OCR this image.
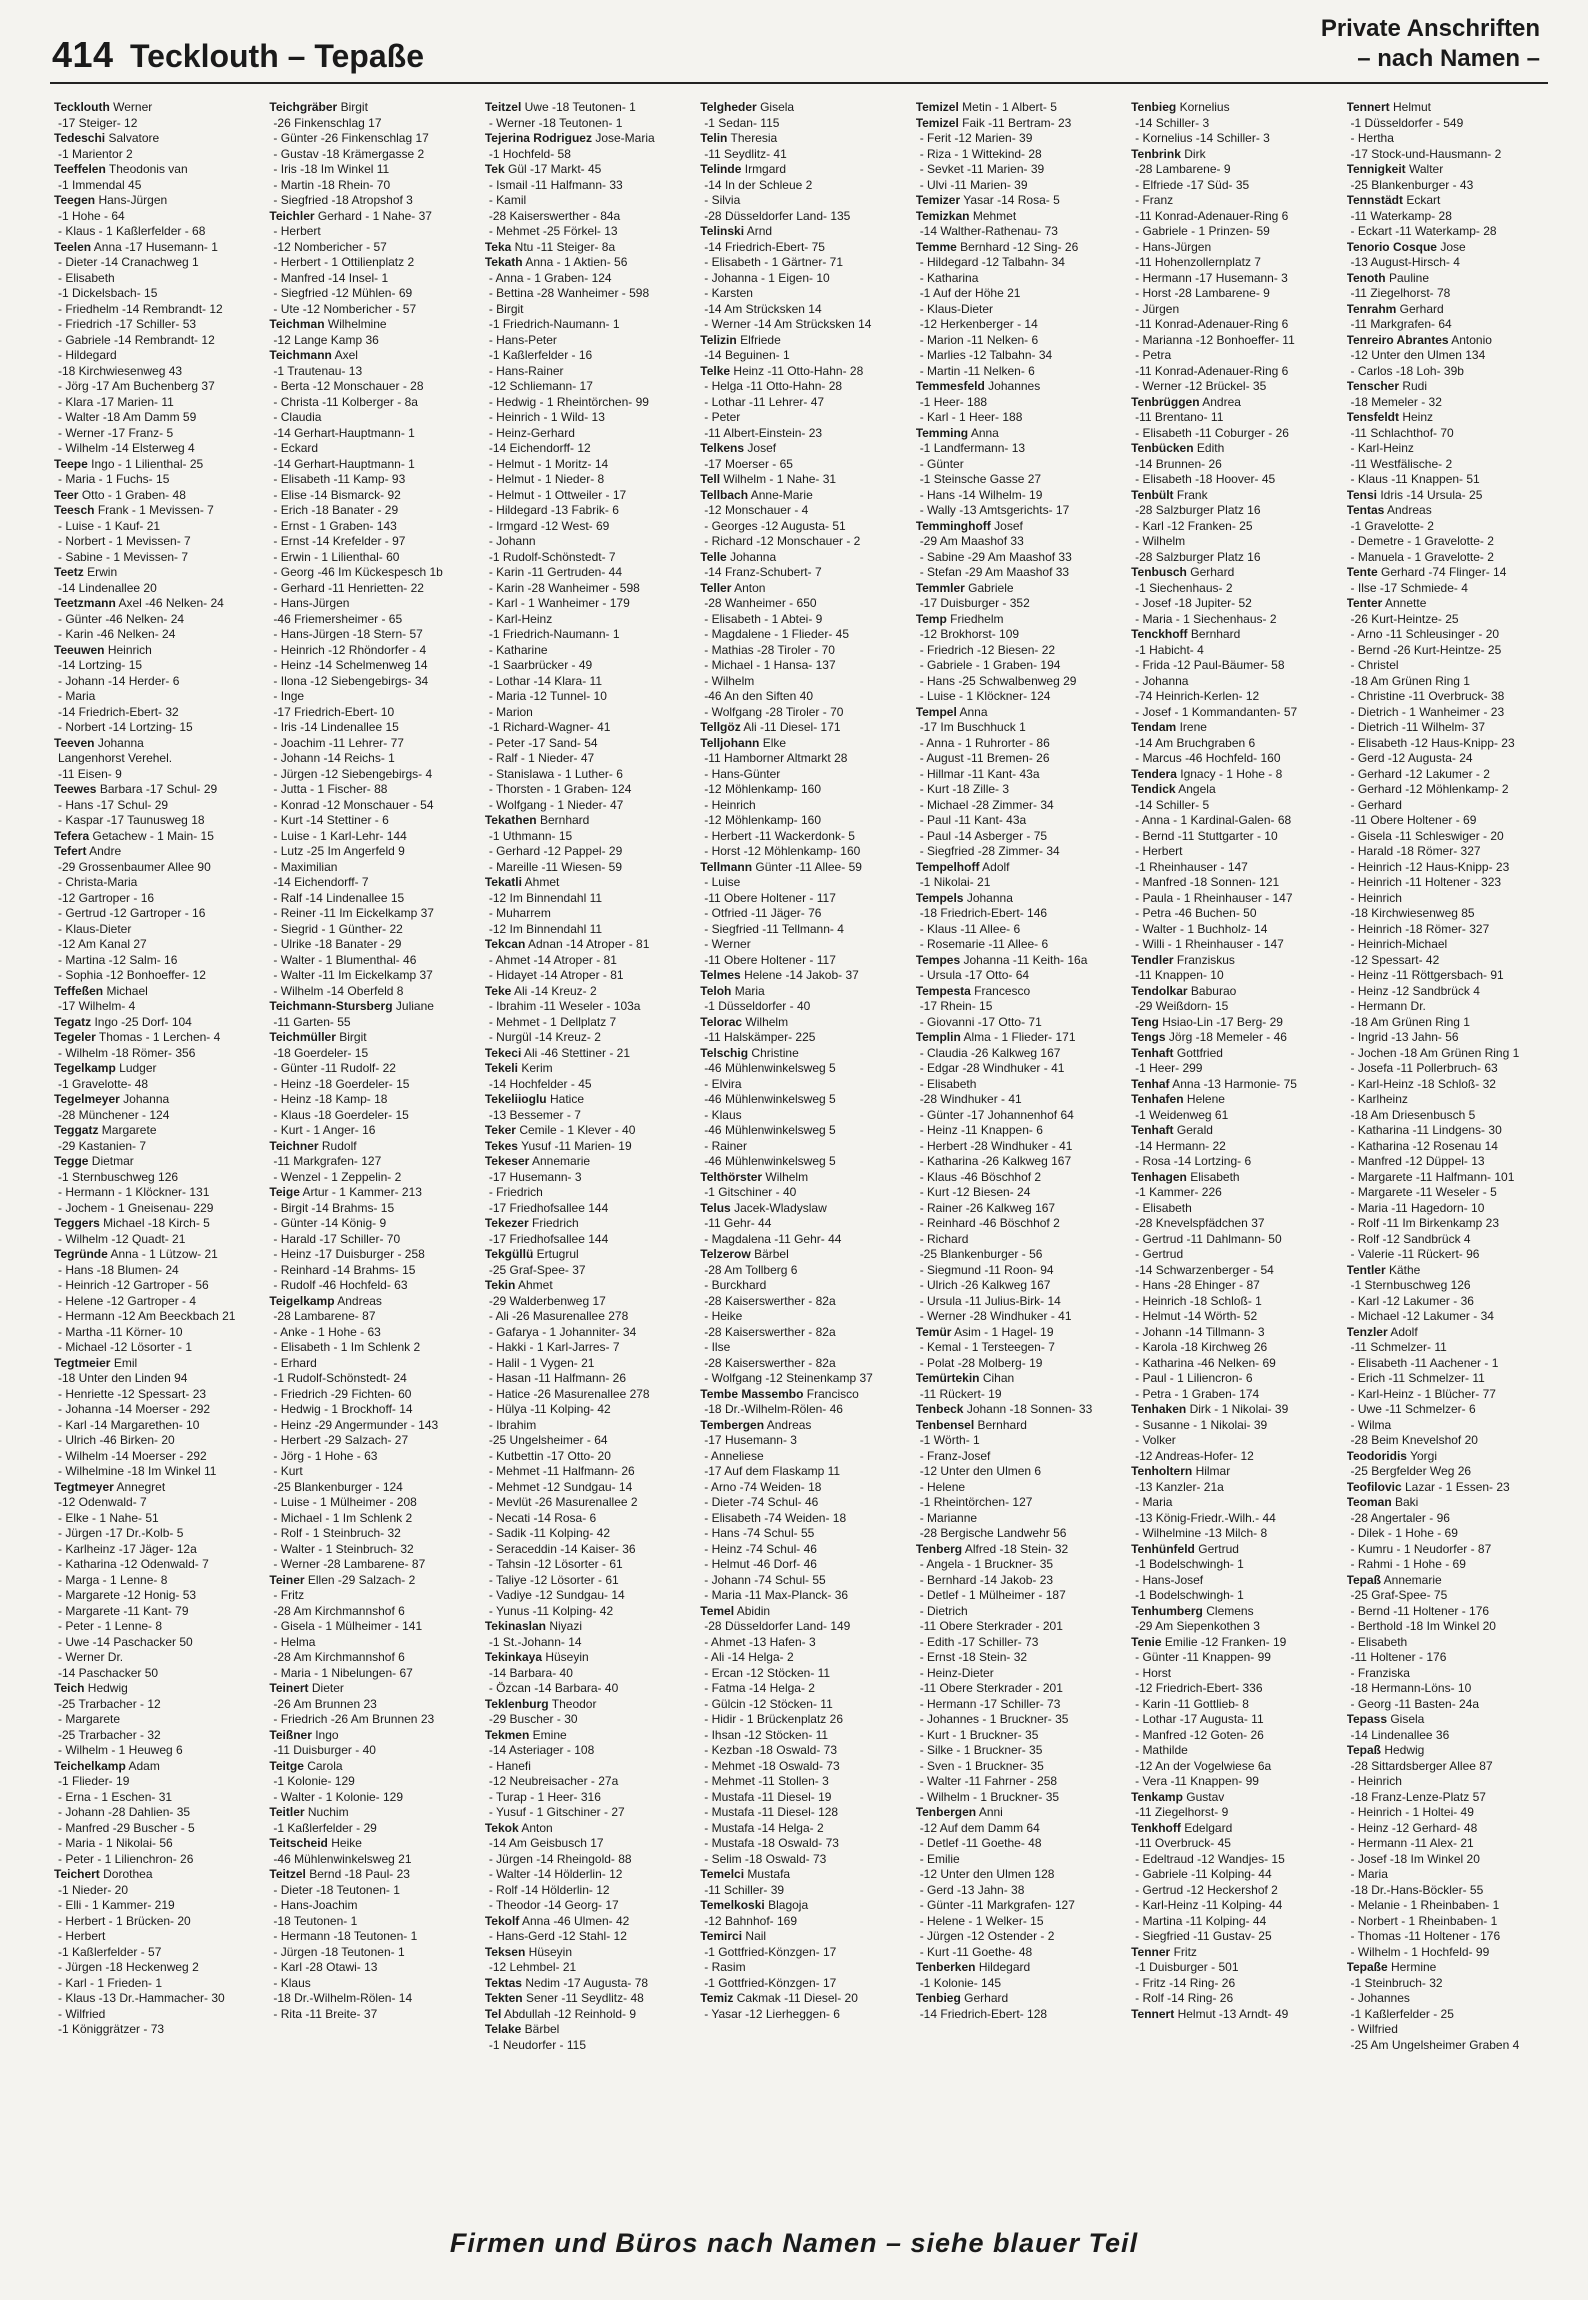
414 Tecklouth – Tepaße
Private Anschriften
– nach Namen –
Tecklouth Werner
-17 Steiger- 12
Tedeschi Salvatore
-1 Marientor 2
Teeffelen Theodonis van
-1 Immendal 45
Teegen Hans-Jürgen
-1 Hohe - 64
- Klaus - 1 Kaßlerfelder - 68
Teelen Anna -17 Husemann- 1
- Dieter -14 Cranachweg 1
- Elisabeth
-1 Dickelsbach- 15
- Friedhelm -14 Rembrandt- 12
- Friedrich -17 Schiller- 53
- Gabriele -14 Rembrandt- 12
- Hildegard
-18 Kirchwiesenweg 43
- Jörg -17 Am Buchenberg 37
- Klara -17 Marien- 11
- Walter -18 Am Damm 59
- Werner -17 Franz- 5
- Wilhelm -14 Elsterweg 4
Teepe Ingo - 1 Lilienthal- 25
- Maria - 1 Fuchs- 15
Teer Otto - 1 Graben- 48
Teesch Frank - 1 Mevissen- 7
- Luise - 1 Kauf- 21
- Norbert - 1 Mevissen- 7
- Sabine - 1 Mevissen- 7
Teetz Erwin
-14 Lindenallee 20
Teetzmann Axel -46 Nelken- 24
- Günter -46 Nelken- 24
- Karin -46 Nelken- 24
Teeuwen Heinrich
-14 Lortzing- 15
- Johann -14 Herder- 6
- Maria
-14 Friedrich-Ebert- 32
- Norbert -14 Lortzing- 15
Teeven Johanna
Langenhorst Verehel.
-11 Eisen- 9
Teewes Barbara -17 Schul- 29
- Hans -17 Schul- 29
- Kaspar -17 Taunusweg 18
Tefera Getachew - 1 Main- 15
Tefert Andre
-29 Grossenbaumer Allee 90
- Christa-Maria
-12 Gartroper - 16
- Gertrud -12 Gartroper - 16
- Klaus-Dieter
-12 Am Kanal 27
- Martina -12 Salm- 16
- Sophia -12 Bonhoeffer- 12
Teffeßen Michael
-17 Wilhelm- 4
Tegatz Ingo -25 Dorf- 104
Tegeler Thomas - 1 Lerchen- 4
- Wilhelm -18 Römer- 356
Tegelkamp Ludger
-1 Gravelotte- 48
Tegelmeyer Johanna
-28 Münchener - 124
Teggatz Margarete
-29 Kastanien- 7
Tegge Dietmar
-1 Sternbuschweg 126
- Hermann - 1 Klöckner- 131
- Jochem - 1 Gneisenau- 229
Teggers Michael -18 Kirch- 5
- Wilhelm -12 Quadt- 21
Tegründe Anna - 1 Lützow- 21
- Hans -18 Blumen- 24
- Heinrich -12 Gartroper - 56
- Helene -12 Gartroper - 4
- Hermann -12 Am Beeckbach 21
- Martha -11 Körner- 10
- Michael -12 Lösorter - 1
Tegtmeier Emil
-18 Unter den Linden 94
- Henriette -12 Spessart- 23
- Johanna -14 Moerser - 292
- Karl -14 Margarethen- 10
- Ulrich -46 Birken- 20
- Wilhelm -14 Moerser - 292
- Wilhelmine -18 Im Winkel 11
Tegtmeyer Annegret
-12 Odenwald- 7
- Elke - 1 Nahe- 51
- Jürgen -17 Dr.-Kolb- 5
- Karlheinz -17 Jäger- 12a
- Katharina -12 Odenwald- 7
- Marga - 1 Lenne- 8
- Margarete -12 Honig- 53
- Margarete -11 Kant- 79
- Peter - 1 Lenne- 8
- Uwe -14 Paschacker 50
- Werner Dr.
-14 Paschacker 50
Teich Hedwig
-25 Trarbacher - 12
- Margarete
-25 Trarbacher - 32
- Wilhelm - 1 Heuweg 6
Teichelkamp Adam
-1 Flieder- 19
- Erna - 1 Eschen- 31
- Johann -28 Dahlien- 35
- Manfred -29 Buscher - 5
- Maria - 1 Nikolai- 56
- Peter - 1 Lilienchron- 26
Teichert Dorothea
-1 Nieder- 20
- Elli - 1 Kammer- 219
- Herbert - 1 Brücken- 20
- Herbert
-1 Kaßlerfelder - 57
- Jürgen -18 Heckenweg 2
- Karl - 1 Frieden- 1
- Klaus -13 Dr.-Hammacher- 30
- Wilfried
-1 Königgrätzer - 73
Teichgräber Birgit
-26 Finkenschlag 17
- Günter -26 Finkenschlag 17
- Gustav -18 Krämergasse 2
- Iris -18 Im Winkel 11
- Martin -18 Rhein- 70
- Siegfried -18 Atropshof 3
Teichler Gerhard - 1 Nahe- 37
- Herbert
-12 Nombericher - 57
- Herbert - 1 Ottilienplatz 2
- Manfred -14 Insel- 1
- Siegfried -12 Mühlen- 69
- Ute -12 Nombericher - 57
Teichman Wilhelmine
-12 Lange Kamp 36
Teichmann Axel
-1 Trautenau- 13
- Berta -12 Monschauer - 28
- Christa -11 Kolberger - 8a
- Claudia
-14 Gerhart-Hauptmann- 1
- Eckard
-14 Gerhart-Hauptmann- 1
- Elisabeth -11 Kamp- 93
- Elise -14 Bismarck- 92
- Erich -18 Banater - 29
- Ernst - 1 Graben- 143
- Ernst -14 Krefelder - 97
- Erwin - 1 Lilienthal- 60
- Georg -46 Im Kückespesch 1b
- Gerhard -11 Henrietten- 22
- Hans-Jürgen
-46 Friemersheimer - 65
- Hans-Jürgen -18 Stern- 57
- Heinrich -12 Rhöndorfer - 4
- Heinz -14 Schelmenweg 14
- Ilona -12 Siebengebirgs- 34
- Inge
-17 Friedrich-Ebert- 10
- Iris -14 Lindenallee 15
- Joachim -11 Lehrer- 77
- Johann -14 Reichs- 1
- Jürgen -12 Siebengebirgs- 4
- Jutta - 1 Fischer- 88
- Konrad -12 Monschauer - 54
- Kurt -14 Stettiner - 6
- Luise - 1 Karl-Lehr- 144
- Lutz -25 Im Angerfeld 9
- Maximilian
-14 Eichendorff- 7
- Ralf -14 Lindenallee 15
- Reiner -11 Im Eickelkamp 37
- Siegrid - 1 Günther- 22
- Ulrike -18 Banater - 29
- Walter - 1 Blumenthal- 46
- Walter -11 Im Eickelkamp 37
- Wilhelm -14 Oberfeld 8
Teichmann-Stursberg Juliane
-11 Garten- 55
Teichmüller Birgit
-18 Goerdeler- 15
- Günter -11 Rudolf- 22
- Heinz -18 Goerdeler- 15
- Heinz -18 Kamp- 18
- Klaus -18 Goerdeler- 15
- Kurt - 1 Anger- 16
Teichner Rudolf
-11 Markgrafen- 127
- Wenzel - 1 Zeppelin- 2
Teige Artur - 1 Kammer- 213
- Birgit -14 Brahms- 15
- Günter -14 König- 9
- Harald -17 Schiller- 70
- Heinz -17 Duisburger - 258
- Reinhard -14 Brahms- 15
- Rudolf -46 Hochfeld- 63
Teigelkamp Andreas
-28 Lambarene- 87
- Anke - 1 Hohe - 63
- Elisabeth - 1 Im Schlenk 2
- Erhard
-1 Rudolf-Schönstedt- 24
- Friedrich -29 Fichten- 60
- Hedwig - 1 Brockhoff- 14
- Heinz -29 Angermunder - 143
- Herbert -29 Salzach- 27
- Jörg - 1 Hohe - 63
- Kurt
-25 Blankenburger - 124
- Luise - 1 Mülheimer - 208
- Michael - 1 Im Schlenk 2
- Rolf - 1 Steinbruch- 32
- Walter - 1 Steinbruch- 32
- Werner -28 Lambarene- 87
Teiner Ellen -29 Salzach- 2
- Fritz
-28 Am Kirchmannshof 6
- Gisela - 1 Mülheimer - 141
- Helma
-28 Am Kirchmannshof 6
- Maria - 1 Nibelungen- 67
Teinert Dieter
-26 Am Brunnen 23
- Friedrich -26 Am Brunnen 23
Teißner Ingo
-11 Duisburger - 40
Teitge Carola
-1 Kolonie- 129
- Walter - 1 Kolonie- 129
Teitler Nuchim
-1 Kaßlerfelder - 29
Teitscheid Heike
-46 Mühlenwinkelsweg 21
Teitzel Bernd -18 Paul- 23
- Dieter -18 Teutonen- 1
- Hans-Joachim
-18 Teutonen- 1
- Hermann -18 Teutonen- 1
- Jürgen -18 Teutonen- 1
- Karl -28 Otawi- 13
- Klaus
-18 Dr.-Wilhelm-Rölen- 14
- Rita -11 Breite- 37
Teitzel Uwe -18 Teutonen- 1
- Werner -18 Teutonen- 1
Tejerina Rodriguez Jose-Maria
-1 Hochfeld- 58
Tek Gül -17 Markt- 45
- Ismail -11 Halfmann- 33
- Kamil
-28 Kaiserswerther - 84a
- Mehmet -25 Förkel- 13
Teka Ntu -11 Steiger- 8a
Tekath Anna - 1 Aktien- 56
- Anna - 1 Graben- 124
- Bettina -28 Wanheimer - 598
- Birgit
-1 Friedrich-Naumann- 1
- Hans-Peter
-1 Kaßlerfelder - 16
- Hans-Rainer
-12 Schliemann- 17
- Hedwig - 1 Rheintörchen- 99
- Heinrich - 1 Wild- 13
- Heinz-Gerhard
-14 Eichendorff- 12
- Helmut - 1 Moritz- 14
- Helmut - 1 Nieder- 8
- Helmut - 1 Ottweiler - 17
- Hildegard -13 Fabrik- 6
- Irmgard -12 West- 69
- Johann
-1 Rudolf-Schönstedt- 7
- Karin -11 Gertruden- 44
- Karin -28 Wanheimer - 598
- Karl - 1 Wanheimer - 179
- Karl-Heinz
-1 Friedrich-Naumann- 1
- Katharine
-1 Saarbrücker - 49
- Lothar -14 Klara- 11
- Maria -12 Tunnel- 10
- Marion
-1 Richard-Wagner- 41
- Peter -17 Sand- 54
- Ralf - 1 Nieder- 47
- Stanislawa - 1 Luther- 6
- Thorsten - 1 Graben- 124
- Wolfgang - 1 Nieder- 47
Tekathen Bernhard
-1 Uthmann- 15
- Gerhard -12 Pappel- 29
- Mareille -11 Wiesen- 59
Tekatli Ahmet
-12 Im Binnendahl 11
- Muharrem
-12 Im Binnendahl 11
Tekcan Adnan -14 Atroper - 81
- Ahmet -14 Atroper - 81
- Hidayet -14 Atroper - 81
Teke Ali -14 Kreuz- 2
- Ibrahim -11 Weseler - 103a
- Mehmet - 1 Dellplatz 7
- Nurgül -14 Kreuz- 2
Tekeci Ali -46 Stettiner - 21
Tekeli Kerim
-14 Hochfelder - 45
Tekeliioglu Hatice
-13 Bessemer - 7
Teker Cemile - 1 Klever - 40
Tekes Yusuf -11 Marien- 19
Tekeser Annemarie
-17 Husemann- 3
- Friedrich
-17 Friedhofsallee 144
Tekezer Friedrich
-17 Friedhofsallee 144
Tekgüllü Ertugrul
-25 Graf-Spee- 37
Tekin Ahmet
-29 Walderbenweg 17
- Ali -26 Masurenallee 278
- Gafarya - 1 Johanniter- 34
- Hakki - 1 Karl-Jarres- 7
- Halil - 1 Vygen- 21
- Hasan -11 Halfmann- 26
- Hatice -26 Masurenallee 278
- Hülya -11 Kolping- 42
- Ibrahim
-25 Ungelsheimer - 64
- Kutbettin -17 Otto- 20
- Mehmet -11 Halfmann- 26
- Mehmet -12 Sundgau- 14
- Mevlüt -26 Masurenallee 2
- Necati -14 Rosa- 6
- Sadik -11 Kolping- 42
- Seraceddin -14 Kaiser- 36
- Tahsin -12 Lösorter - 61
- Taliye -12 Lösorter - 61
- Vadiye -12 Sundgau- 14
- Yunus -11 Kolping- 42
Tekinaslan Niyazi
-1 St.-Johann- 14
Tekinkaya Hüseyin
-14 Barbara- 40
- Özcan -14 Barbara- 40
Teklenburg Theodor
-29 Buscher - 30
Tekmen Emine
-14 Asteriager - 108
- Hanefi
-12 Neubreisacher - 27a
- Turap - 1 Heer- 316
- Yusuf - 1 Gitschiner - 27
Tekok Anton
-14 Am Geisbusch 17
- Jürgen -14 Rheingold- 88
- Walter -14 Hölderlin- 12
- Rolf -14 Hölderlin- 12
- Theodor -14 Georg- 17
Tekolf Anna -46 Ulmen- 42
- Hans-Gerd -12 Stahl- 12
Teksen Hüseyin
-12 Lehmbel- 21
Tektas Nedim -17 Augusta- 78
Tekten Sener -11 Seydlitz- 48
Tel Abdullah -12 Reinhold- 9
Telake Bärbel
-1 Neudorfer - 115
Telgheder Gisela
-1 Sedan- 115
Telin Theresia
-11 Seydlitz- 41
Telinde Irmgard
-14 In der Schleue 2
- Silvia
-28 Düsseldorfer Land- 135
Telinski Arnd
-14 Friedrich-Ebert- 75
- Elisabeth - 1 Gärtner- 71
- Johanna - 1 Eigen- 10
- Karsten
-14 Am Strücksken 14
- Werner -14 Am Strücksken 14
Telizin Elfriede
-14 Beguinen- 1
Telke Heinz -11 Otto-Hahn- 28
- Helga -11 Otto-Hahn- 28
- Lothar -11 Lehrer- 47
- Peter
-11 Albert-Einstein- 23
Telkens Josef
-17 Moerser - 65
Tell Wilhelm - 1 Nahe- 31
Tellbach Anne-Marie
-12 Monschauer - 4
- Georges -12 Augusta- 51
- Richard -12 Monschauer - 2
Telle Johanna
-14 Franz-Schubert- 7
Teller Anton
-28 Wanheimer - 650
- Elisabeth - 1 Abtei- 9
- Magdalene - 1 Flieder- 45
- Mathias -28 Tiroler - 70
- Michael - 1 Hansa- 137
- Wilhelm
-46 An den Siften 40
- Wolfgang -28 Tiroler - 70
Tellgöz Ali -11 Diesel- 171
Telljohann Elke
-11 Hamborner Altmarkt 28
- Hans-Günter
-12 Möhlenkamp- 160
- Heinrich
-12 Möhlenkamp- 160
- Herbert -11 Wackerdonk- 5
- Horst -12 Möhlenkamp- 160
Tellmann Günter -11 Allee- 59
- Luise
-11 Obere Holtener - 117
- Otfried -11 Jäger- 76
- Siegfried -11 Tellmann- 4
- Werner
-11 Obere Holtener - 117
Telmes Helene -14 Jakob- 37
Teloh Maria
-1 Düsseldorfer - 40
Telorac Wilhelm
-11 Halskämper- 225
Telschig Christine
-46 Mühlenwinkelsweg 5
- Elvira
-46 Mühlenwinkelsweg 5
- Klaus
-46 Mühlenwinkelsweg 5
- Rainer
-46 Mühlenwinkelsweg 5
Telthörster Wilhelm
-1 Gitschiner - 40
Telus Jacek-Wladyslaw
-11 Gehr- 44
- Magdalena -11 Gehr- 44
Telzerow Bärbel
-28 Am Tollberg 6
- Burckhard
-28 Kaiserswerther - 82a
- Heike
-28 Kaiserswerther - 82a
- Ilse
-28 Kaiserswerther - 82a
- Wolfgang -12 Steinenkamp 37
Tembe Massembo Francisco
-18 Dr.-Wilhelm-Rölen- 46
Tembergen Andreas
-17 Husemann- 3
- Anneliese
-17 Auf dem Flaskamp 11
- Arno -74 Weiden- 18
- Dieter -74 Schul- 46
- Elisabeth -74 Weiden- 18
- Hans -74 Schul- 55
- Heinz -74 Schul- 46
- Helmut -46 Dorf- 46
- Johann -74 Schul- 55
- Maria -11 Max-Planck- 36
Temel Abidin
-28 Düsseldorfer Land- 149
- Ahmet -13 Hafen- 3
- Ali -14 Helga- 2
- Ercan -12 Stöcken- 11
- Fatma -14 Helga- 2
- Gülcin -12 Stöcken- 11
- Hidir - 1 Brückenplatz 26
- Ihsan -12 Stöcken- 11
- Kezban -18 Oswald- 73
- Mehmet -18 Oswald- 73
- Mehmet -11 Stollen- 3
- Mustafa -11 Diesel- 19
- Mustafa -11 Diesel- 128
- Mustafa -14 Helga- 2
- Mustafa -18 Oswald- 73
- Selim -18 Oswald- 73
Temelci Mustafa
-11 Schiller- 39
Temelkoski Blagoja
-12 Bahnhof- 169
Temirci Nail
-1 Gottfried-Könzgen- 17
- Rasim
-1 Gottfried-Könzgen- 17
Temiz Cakmak -11 Diesel- 20
- Yasar -12 Lierheggen- 6
Temizel Metin - 1 Albert- 5
Temizel Faik -11 Bertram- 23
- Ferit -12 Marien- 39
- Riza - 1 Wittekind- 28
- Sevket -11 Marien- 39
- Ulvi -11 Marien- 39
Temizer Yasar -14 Rosa- 5
Temizkan Mehmet
-14 Walther-Rathenau- 73
Temme Bernhard -12 Sing- 26
- Hildegard -12 Talbahn- 34
- Katharina
-1 Auf der Höhe 21
- Klaus-Dieter
-12 Herkenberger - 14
- Marion -11 Nelken- 6
- Marlies -12 Talbahn- 34
- Martin -11 Nelken- 6
Temmesfeld Johannes
-1 Heer- 188
- Karl - 1 Heer- 188
Temming Anna
-1 Landfermann- 13
- Günter
-1 Steinsche Gasse 27
- Hans -14 Wilhelm- 19
- Wally -13 Amtsgerichts- 17
Temminghoff Josef
-29 Am Maashof 33
- Sabine -29 Am Maashof 33
- Stefan -29 Am Maashof 33
Temmler Gabriele
-17 Duisburger - 352
Temp Friedhelm
-12 Brokhorst- 109
- Friedrich -12 Biesen- 22
- Gabriele - 1 Graben- 194
- Hans -25 Schwalbenweg 29
- Luise - 1 Klöckner- 124
Tempel Anna
-17 Im Buschhuck 1
- Anna - 1 Ruhrorter - 86
- August -11 Bremen- 26
- Hillmar -11 Kant- 43a
- Kurt -18 Zille- 3
- Michael -28 Zimmer- 34
- Paul -11 Kant- 43a
- Paul -14 Asberger - 75
- Siegfried -28 Zimmer- 34
Tempelhoff Adolf
-1 Nikolai- 21
Tempels Johanna
-18 Friedrich-Ebert- 146
- Klaus -11 Allee- 6
- Rosemarie -11 Allee- 6
Tempes Johanna -11 Keith- 16a
- Ursula -17 Otto- 64
Tempesta Francesco
-17 Rhein- 15
- Giovanni -17 Otto- 71
Templin Alma - 1 Flieder- 171
- Claudia -26 Kalkweg 167
- Edgar -28 Windhuker - 41
- Elisabeth
-28 Windhuker - 41
- Günter -17 Johannenhof 64
- Heinz -11 Knappen- 6
- Herbert -28 Windhuker - 41
- Katharina -26 Kalkweg 167
- Klaus -46 Böschhof 2
- Kurt -12 Biesen- 24
- Rainer -26 Kalkweg 167
- Reinhard -46 Böschhof 2
- Richard
-25 Blankenburger - 56
- Siegmund -11 Roon- 94
- Ulrich -26 Kalkweg 167
- Ursula -11 Julius-Birk- 14
- Werner -28 Windhuker - 41
Temür Asim - 1 Hagel- 19
- Kemal - 1 Tersteegen- 7
- Polat -28 Molberg- 19
Temürtekin Cihan
-11 Rückert- 19
Tenbeck Johann -18 Sonnen- 33
Tenbensel Bernhard
-1 Wörth- 1
- Franz-Josef
-12 Unter den Ulmen 6
- Helene
-1 Rheintörchen- 127
- Marianne
-28 Bergische Landwehr 56
Tenberg Alfred -18 Stein- 32
- Angela - 1 Bruckner- 35
- Bernhard -14 Jakob- 23
- Detlef - 1 Mülheimer - 187
- Dietrich
-11 Obere Sterkrader - 201
- Edith -17 Schiller- 73
- Ernst -18 Stein- 32
- Heinz-Dieter
-11 Obere Sterkrader - 201
- Hermann -17 Schiller- 73
- Johannes - 1 Bruckner- 35
- Kurt - 1 Bruckner- 35
- Silke - 1 Bruckner- 35
- Sven - 1 Bruckner- 35
- Walter -11 Fahrner - 258
- Wilhelm - 1 Bruckner- 35
Tenbergen Anni
-12 Auf dem Damm 64
- Detlef -11 Goethe- 48
- Emilie
-12 Unter den Ulmen 128
- Gerd -13 Jahn- 38
- Günter -11 Markgrafen- 127
- Helene - 1 Welker- 15
- Jürgen -12 Ostender - 2
- Kurt -11 Goethe- 48
Tenberken Hildegard
-1 Kolonie- 145
Tenbieg Gerhard
-14 Friedrich-Ebert- 128
Tenbieg Kornelius
-14 Schiller- 3
- Kornelius -14 Schiller- 3
Tenbrink Dirk
-28 Lambarene- 9
- Elfriede -17 Süd- 35
- Franz
-11 Konrad-Adenauer-Ring 6
- Gabriele - 1 Prinzen- 59
- Hans-Jürgen
-11 Hohenzollernplatz 7
- Hermann -17 Husemann- 3
- Horst -28 Lambarene- 9
- Jürgen
-11 Konrad-Adenauer-Ring 6
- Marianna -12 Bonhoeffer- 11
- Petra
-11 Konrad-Adenauer-Ring 6
- Werner -12 Brückel- 35
Tenbrüggen Andrea
-11 Brentano- 11
- Elisabeth -11 Coburger - 26
Tenbücken Edith
-14 Brunnen- 26
- Elisabeth -18 Hoover- 45
Tenbült Frank
-28 Salzburger Platz 16
- Karl -12 Franken- 25
- Wilhelm
-28 Salzburger Platz 16
Tenbusch Gerhard
-1 Siechenhaus- 2
- Josef -18 Jupiter- 52
- Maria - 1 Siechenhaus- 2
Tenckhoff Bernhard
-1 Habicht- 4
- Frida -12 Paul-Bäumer- 58
- Johanna
-74 Heinrich-Kerlen- 12
- Josef - 1 Kommandanten- 57
Tendam Irene
-14 Am Bruchgraben 6
- Marcus -46 Hochfeld- 160
Tendera Ignacy - 1 Hohe - 8
Tendick Angela
-14 Schiller- 5
- Anna - 1 Kardinal-Galen- 68
- Bernd -11 Stuttgarter - 10
- Herbert
-1 Rheinhauser - 147
- Manfred -18 Sonnen- 121
- Paula - 1 Rheinhauser - 147
- Petra -46 Buchen- 50
- Walter - 1 Buchholz- 14
- Willi - 1 Rheinhauser - 147
Tendler Franziskus
-11 Knappen- 10
Tendolkar Baburao
-29 Weißdorn- 15
Teng Hsiao-Lin -17 Berg- 29
Tengs Jörg -18 Memeler - 46
Tenhaft Gottfried
-1 Heer- 299
Tenhaf Anna -13 Harmonie- 75
Tenhafen Helene
-1 Weidenweg 61
Tenhaft Gerald
-14 Hermann- 22
- Rosa -14 Lortzing- 6
Tenhagen Elisabeth
-1 Kammer- 226
- Elisabeth
-28 Knevelspfädchen 37
- Gertrud -11 Dahlmann- 50
- Gertrud
-14 Schwarzenberger - 54
- Hans -28 Ehinger - 87
- Heinrich -18 Schloß- 1
- Helmut -14 Wörth- 52
- Johann -14 Tillmann- 3
- Karola -18 Kirchweg 26
- Katharina -46 Nelken- 69
- Paul - 1 Liliencron- 6
- Petra - 1 Graben- 174
Tenhaken Dirk - 1 Nikolai- 39
- Susanne - 1 Nikolai- 39
- Volker
-12 Andreas-Hofer- 12
Tenholtern Hilmar
-13 Kanzler- 21a
- Maria
-13 König-Friedr.-Wilh.- 44
- Wilhelmine -13 Milch- 8
Tenhünfeld Gertrud
-1 Bodelschwingh- 1
- Hans-Josef
-1 Bodelschwingh- 1
Tenhumberg Clemens
-29 Am Siepenkothen 3
Tenie Emilie -12 Franken- 19
- Günter -11 Knappen- 99
- Horst
-12 Friedrich-Ebert- 336
- Karin -11 Gottlieb- 8
- Lothar -17 Augusta- 11
- Manfred -12 Goten- 26
- Mathilde
-12 An der Vogelwiese 6a
- Vera -11 Knappen- 99
Tenkamp Gustav
-11 Ziegelhorst- 9
Tenkhoff Edelgard
-11 Overbruck- 45
- Edeltraud -12 Wandjes- 15
- Gabriele -11 Kolping- 44
- Gertrud -12 Heckershof 2
- Karl-Heinz -11 Kolping- 44
- Martina -11 Kolping- 44
- Siegfried -11 Gustav- 25
Tenner Fritz
-1 Duisburger - 501
- Fritz -14 Ring- 26
- Rolf -14 Ring- 26
Tennert Helmut -13 Arndt- 49
Tennert Helmut
-1 Düsseldorfer - 549
- Hertha
-17 Stock-und-Hausmann- 2
Tennigkeit Walter
-25 Blankenburger - 43
Tennstädt Eckart
-11 Waterkamp- 28
- Eckart -11 Waterkamp- 28
Tenorio Cosque Jose
-13 August-Hirsch- 4
Tenoth Pauline
-11 Ziegelhorst- 78
Tenrahm Gerhard
-11 Markgrafen- 64
Tenreiro Abrantes Antonio
-12 Unter den Ulmen 134
- Carlos -18 Loh- 39b
Tenscher Rudi
-18 Memeler - 32
Tensfeldt Heinz
-11 Schlachthof- 70
- Karl-Heinz
-11 Westfälische- 2
- Klaus -11 Knappen- 51
Tensi Idris -14 Ursula- 25
Tentas Andreas
-1 Gravelotte- 2
- Demetre - 1 Gravelotte- 2
- Manuela - 1 Gravelotte- 2
Tente Gerhard -74 Flinger- 14
- Ilse -17 Schmiede- 4
Tenter Annette
-26 Kurt-Heintze- 25
- Arno -11 Schleusinger - 20
- Bernd -26 Kurt-Heintze- 25
- Christel
-18 Am Grünen Ring 1
- Christine -11 Overbruck- 38
- Dietrich - 1 Wanheimer - 23
- Dietrich -11 Wilhelm- 37
- Elisabeth -12 Haus-Knipp- 23
- Gerd -12 Augusta- 24
- Gerhard -12 Lakumer - 2
- Gerhard -12 Möhlenkamp- 2
- Gerhard
-11 Obere Holtener - 69
- Gisela -11 Schleswiger - 20
- Harald -18 Römer- 327
- Heinrich -12 Haus-Knipp- 23
- Heinrich -11 Holtener - 323
- Heinrich
-18 Kirchwiesenweg 85
- Heinrich -18 Römer- 327
- Heinrich-Michael
-12 Spessart- 42
- Heinz -11 Röttgersbach- 91
- Heinz -12 Sandbrück 4
- Hermann Dr.
-18 Am Grünen Ring 1
- Ingrid -13 Jahn- 56
- Jochen -18 Am Grünen Ring 1
- Josefa -11 Pollerbruch- 63
- Karl-Heinz -18 Schloß- 32
- Karlheinz
-18 Am Driesenbusch 5
- Katharina -11 Lindgens- 30
- Katharina -12 Rosenau 14
- Manfred -12 Düppel- 13
- Margarete -11 Halfmann- 101
- Margarete -11 Weseler - 5
- Maria -11 Hagedorn- 10
- Rolf -11 Im Birkenkamp 23
- Rolf -12 Sandbrück 4
- Valerie -11 Rückert- 96
Tentler Käthe
-1 Sternbuschweg 126
- Karl -12 Lakumer - 36
- Michael -12 Lakumer - 34
Tenzler Adolf
-11 Schmelzer- 11
- Elisabeth -11 Aachener - 1
- Erich -11 Schmelzer- 11
- Karl-Heinz - 1 Blücher- 77
- Uwe -11 Schmelzer- 6
- Wilma
-28 Beim Knevelshof 20
Teodoridis Yorgi
-25 Bergfelder Weg 26
Teofilovic Lazar - 1 Essen- 23
Teoman Baki
-28 Angertaler - 96
- Dilek - 1 Hohe - 69
- Kumru - 1 Neudorfer - 87
- Rahmi - 1 Hohe - 69
Tepaß Annemarie
-25 Graf-Spee- 75
- Bernd -11 Holtener - 176
- Berthold -18 Im Winkel 20
- Elisabeth
-11 Holtener - 176
- Franziska
-18 Hermann-Löns- 10
- Georg -11 Basten- 24a
Tepass Gisela
-14 Lindenallee 36
Tepaß Hedwig
-28 Sittardsberger Allee 87
- Heinrich
-18 Franz-Lenze-Platz 57
- Heinrich - 1 Holtei- 49
- Heinz -12 Gerhard- 48
- Hermann -11 Alex- 21
- Josef -18 Im Winkel 20
- Maria
-18 Dr.-Hans-Böckler- 55
- Melanie - 1 Rheinbaben- 1
- Norbert - 1 Rheinbaben- 1
- Thomas -11 Holtener - 176
- Wilhelm - 1 Hochfeld- 99
Tepaße Hermine
-1 Steinbruch- 32
- Johannes
-1 Kaßlerfelder - 25
- Wilfried
-25 Am Ungelsheimer Graben 4
Firmen und Büros nach Namen – siehe blauer Teil
